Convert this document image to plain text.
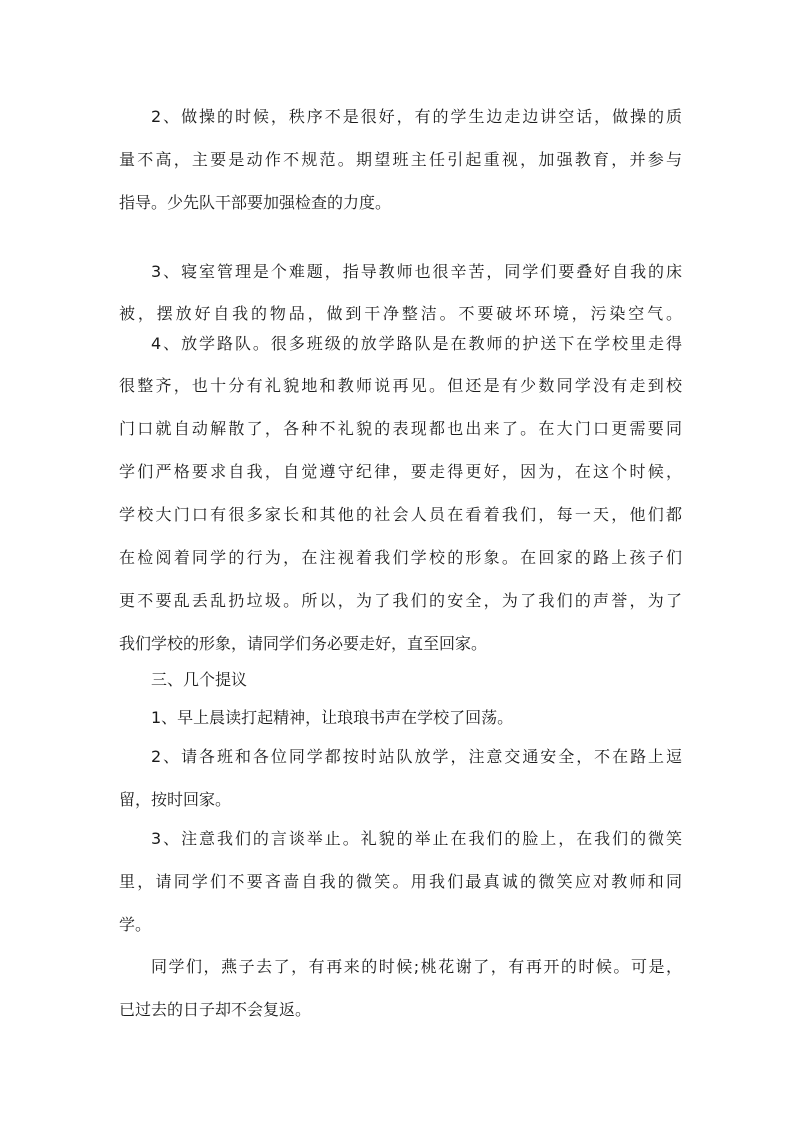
2、做操的时候，秩序不是很好，有的学生边走边讲空话，做操的质
量不高，主要是动作不规范。期望班主任引起重视，加强教育，并参与
指导。少先队干部要加强检查的力度。
3、寝室管理是个难题，指导教师也很辛苦，同学们要叠好自我的床
被，摆放好自我的物品，做到干净整洁。不要破坏环境，污染空气。
4、放学路队。很多班级的放学路队是在教师的护送下在学校里走得
很整齐，也十分有礼貌地和教师说再见。但还是有少数同学没有走到校
门口就自动解散了，各种不礼貌的表现都也出来了。在大门口更需要同
学们严格要求自我，自觉遵守纪律，要走得更好，因为，在这个时候，
学校大门口有很多家长和其他的社会人员在看着我们，每一天，他们都
在检阅着同学的行为，在注视着我们学校的形象。在回家的路上孩子们
更不要乱丢乱扔垃圾。所以，为了我们的安全，为了我们的声誉，为了
我们学校的形象，请同学们务必要走好，直至回家。
三、几个提议
1、早上晨读打起精神，让琅琅书声在学校了回荡。
2、请各班和各位同学都按时站队放学，注意交通安全，不在路上逗
留，按时回家。
3、注意我们的言谈举止。礼貌的举止在我们的脸上，在我们的微笑
里，请同学们不要吝啬自我的微笑。用我们最真诚的微笑应对教师和同
学。
同学们，燕子去了，有再来的时候;桃花谢了，有再开的时候。可是，
已过去的日子却不会复返。
